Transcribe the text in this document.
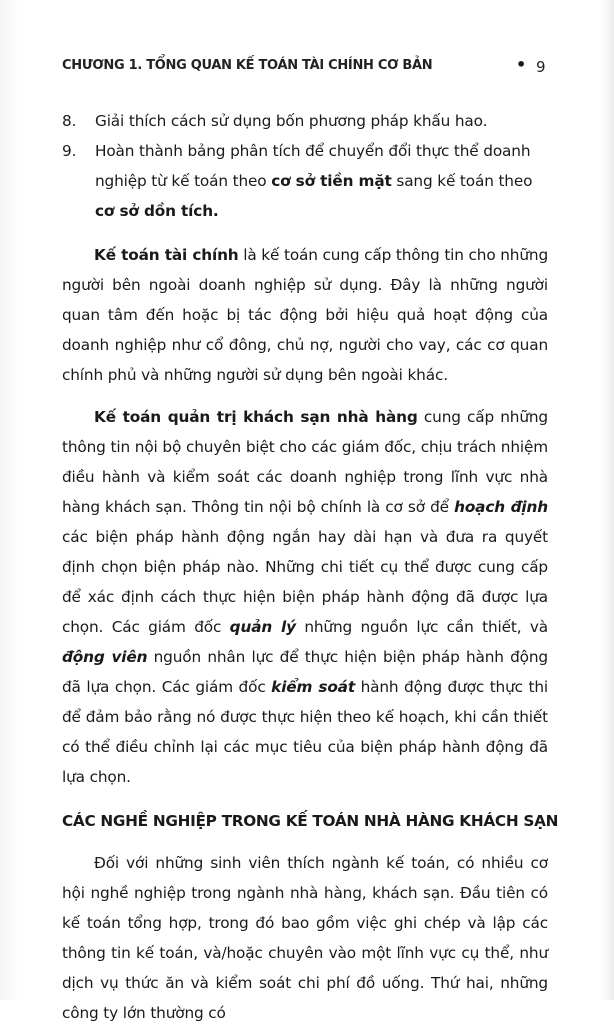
CHƯƠNG 1. TỔNG QUAN KẾ TOÁN TÀI CHÍNH CƠ BẢN	• 9
8.	Giải thích cách sử dụng bốn phương pháp khấu hao.
9.	Hoàn thành bảng phân tích để chuyển đổi thực thể doanh nghiệp từ kế toán theo cơ sở tiền mặt sang kế toán theo cơ sở dồn tích.

Kế toán tài chính là kế toán cung cấp thông tin cho những người bên ngoài doanh nghiệp sử dụng. Đây là những người quan tâm đến hoặc bị tác động bởi hiệu quả hoạt động của doanh nghiệp như cổ đông, chủ nợ, người cho vay, các cơ quan chính phủ và những người sử dụng bên ngoài khác.

Kế toán quản trị khách sạn nhà hàng cung cấp những thông tin nội bộ chuyên biệt cho các giám đốc, chịu trách nhiệm điều hành và kiểm soát các doanh nghiệp trong lĩnh vực nhà hàng khách sạn. Thông tin nội bộ chính là cơ sở để hoạch định các biện pháp hành động ngắn hay dài hạn và đưa ra quyết định chọn biện pháp nào. Những chi tiết cụ thể được cung cấp để xác định cách thực hiện biện pháp hành động đã được lựa chọn. Các giám đốc quản lý những nguồn lực cần thiết, và động viên nguồn nhân lực để thực hiện biện pháp hành động đã lựa chọn. Các giám đốc kiểm soát hành động được thực thi để đảm bảo rằng nó được thực hiện theo kế hoạch, khi cần thiết có thể điều chỉnh lại các mục tiêu của biện pháp hành động đã lựa chọn.

CÁC NGHỀ NGHIỆP TRONG KẾ TOÁN NHÀ HÀNG KHÁCH SẠN

Đối với những sinh viên thích ngành kế toán, có nhiều cơ hội nghề nghiệp trong ngành nhà hàng, khách sạn. Đầu tiên có kế toán tổng hợp, trong đó bao gồm việc ghi chép và lập các thông tin kế toán, và/hoặc chuyên vào một lĩnh vực cụ thể, như dịch vụ thức ăn và kiểm soát chi phí đồ uống. Thứ hai, những công ty lớn thường có
